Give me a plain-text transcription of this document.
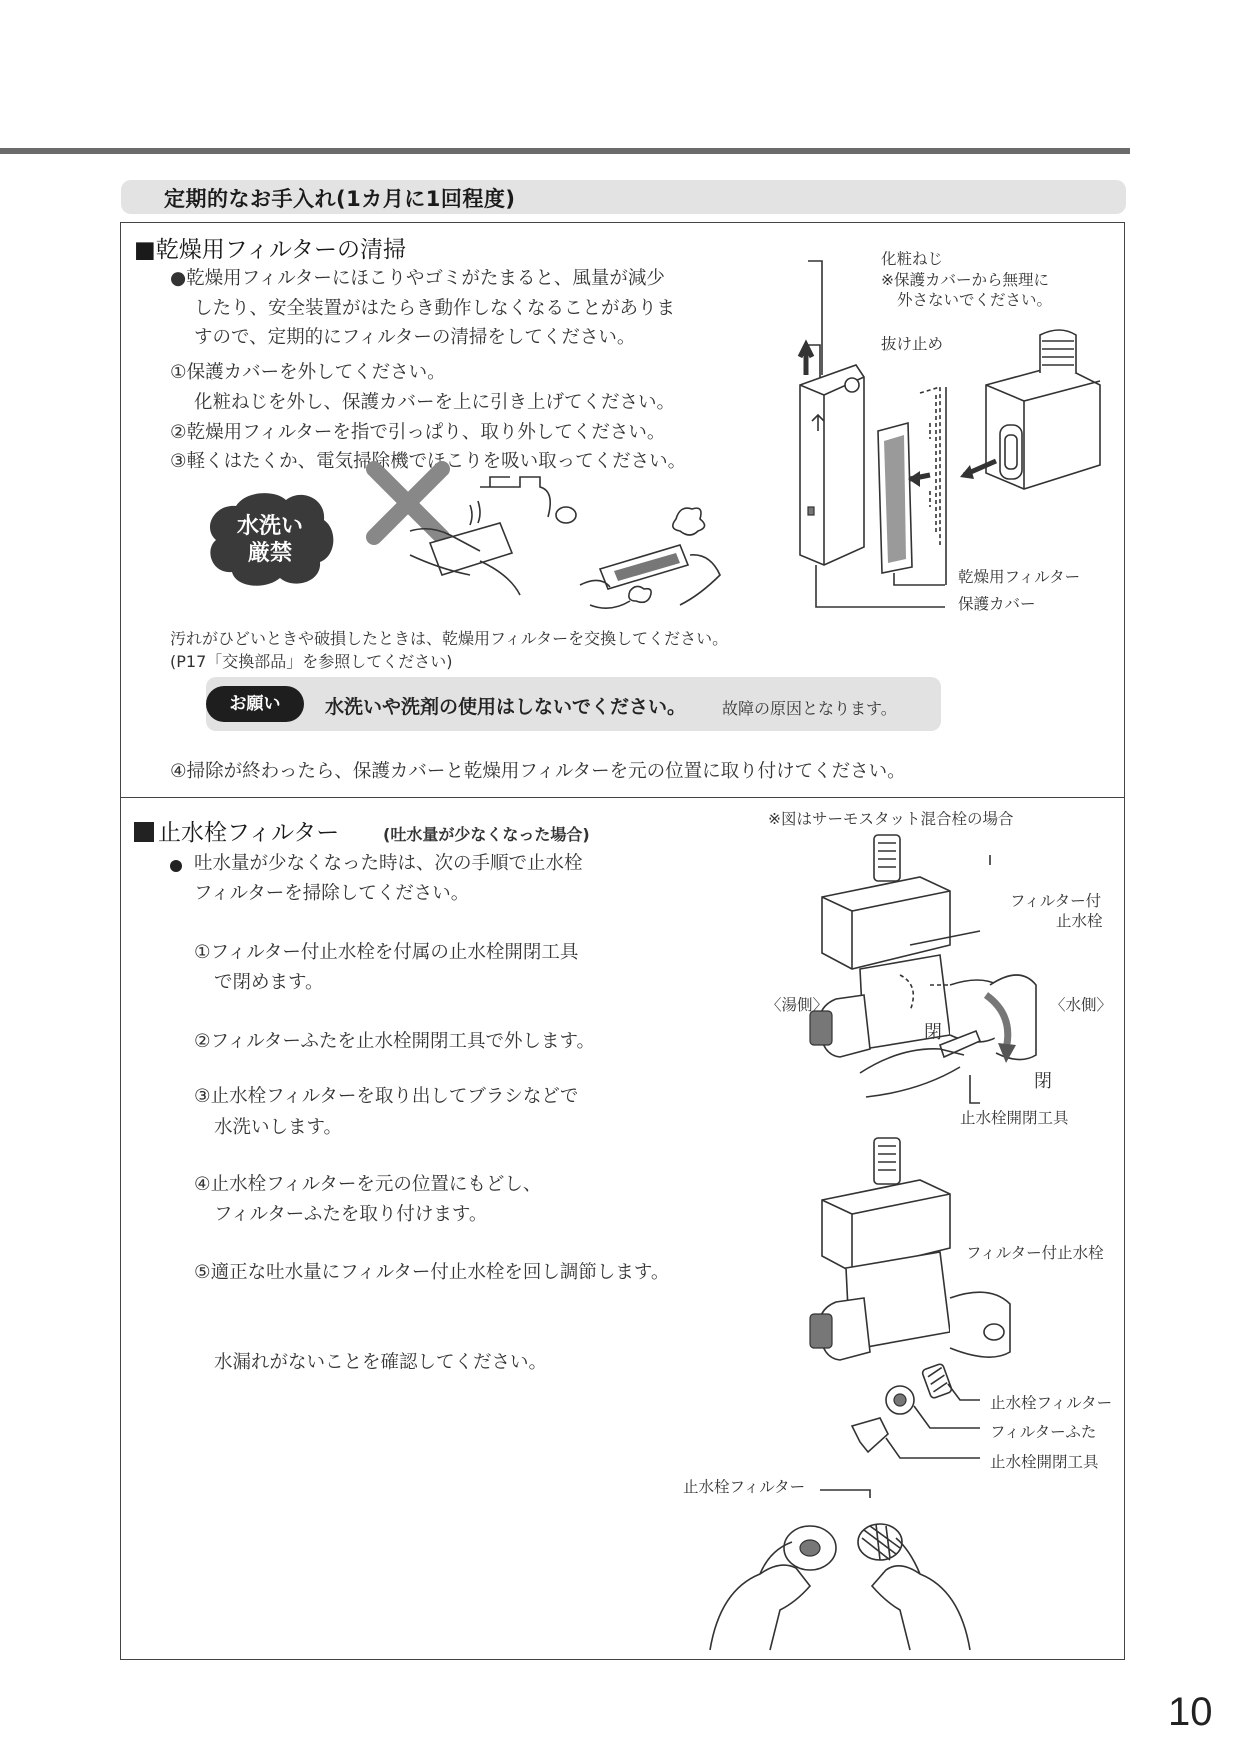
定期的なお手入れ(1カ月に1回程度)
■乾燥用フィルターの清掃
●乾燥用フィルターにほこりやゴミがたまると、風量が減少
したり、安全装置がはたらき動作しなくなることがありま
すので、定期的にフィルターの清掃をしてください。
①保護カバーを外してください。
化粧ねじを外し、保護カバーを上に引き上げてください。
②乾燥用フィルターを指で引っぱり、取り外してください。
③軽くはたくか、電気掃除機でほこりを吸い取ってください。
水洗い
厳禁
化粧ねじ
※保護カバーから無理に
外さないでください。
抜け止め
乾燥用フィルター
保護カバー
汚れがひどいときや破損したときは、乾燥用フィルターを交換してください。
(P17「交換部品」を参照してください)
お願い	水洗いや洗剤の使用はしないでください。 故障の原因となります。
④掃除が終わったら、保護カバーと乾燥用フィルターを元の位置に取り付けてください。
止水栓フィルター	(吐水量が少なくなった場合)
※図はサーモスタット混合栓の場合
吐水量が少なくなった時は、次の手順で止水栓
フィルターを掃除してください。
①フィルター付止水栓を付属の止水栓開閉工具
で閉めます。
②フィルターふたを止水栓開閉工具で外します。
③止水栓フィルターを取り出してブラシなどで
水洗いします。
④止水栓フィルターを元の位置にもどし、
フィルターふたを取り付けます。
⑤適正な吐水量にフィルター付止水栓を回し調節します。
水漏れがないことを確認してください。
フィルター付
止水栓
〈湯側〉	〈水側〉
閉
閉
止水栓開閉工具
フィルター付止水栓
止水栓フィルター
フィルターふた
止水栓開閉工具
止水栓フィルター
10
